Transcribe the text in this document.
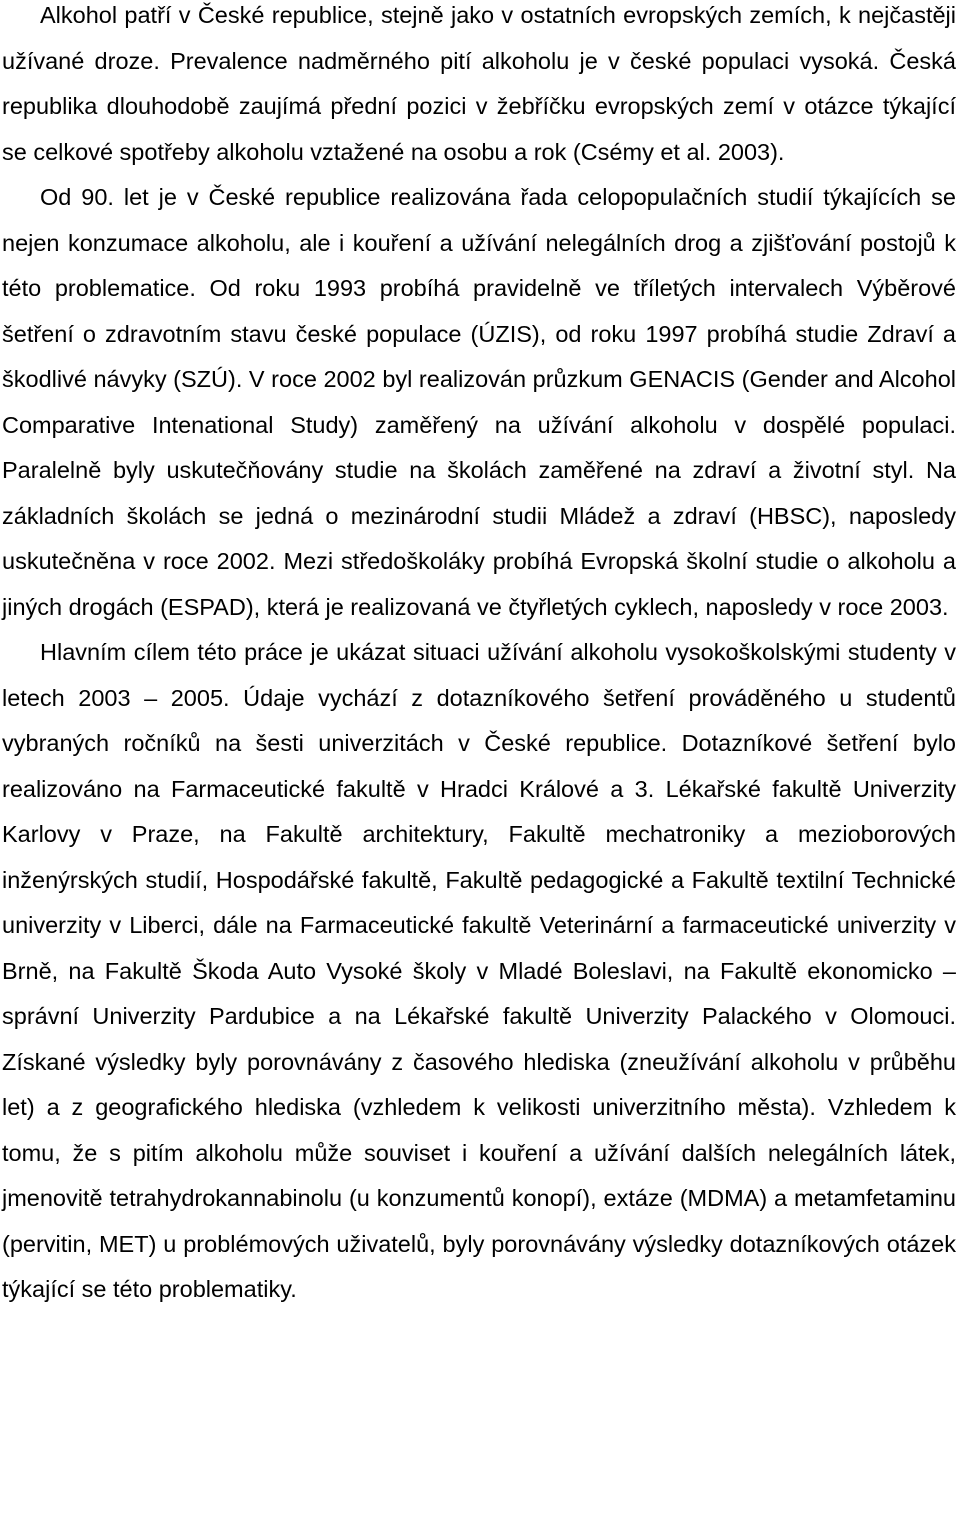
Alkohol patří v České republice, stejně jako v ostatních evropských zemích, k nejčastěji užívané droze. Prevalence nadměrného pití alkoholu je v české populaci vysoká. Česká republika dlouhodobě zaujímá přední pozici v žebříčku evropských zemí v otázce týkající se celkové spotřeby alkoholu vztažené na osobu a rok (Csémy et al. 2003).

Od 90. let je v České republice realizována řada celopopulačních studií týkajících se nejen konzumace alkoholu, ale i kouření a užívání nelegálních drog a zjišťování postojů k této problematice. Od roku 1993 probíhá pravidelně ve tříletých intervalech Výběrové šetření o zdravotním stavu české populace (ÚZIS), od roku 1997 probíhá studie Zdraví a škodlivé návyky (SZÚ). V roce 2002 byl realizován průzkum GENACIS (Gender and Alcohol Comparative Intenational Study) zaměřený na užívání alkoholu v dospělé populaci. Paralelně byly uskutečňovány studie na školách zaměřené na zdraví a životní styl. Na základních školách se jedná o mezinárodní studii Mládež a zdraví (HBSC), naposledy uskutečněna v roce 2002. Mezi středoškoláky probíhá Evropská školní studie o alkoholu a jiných drogách (ESPAD), která je realizovaná ve čtyřletých cyklech, naposledy v roce 2003.

Hlavním cílem této práce je ukázat situaci užívání alkoholu vysokoškolskými studenty v letech 2003 – 2005. Údaje vychází z dotazníkového šetření prováděného u studentů vybraných ročníků na šesti univerzitách v České republice. Dotazníkové šetření bylo realizováno na Farmaceutické fakultě v Hradci Králové a 3. Lékařské fakultě Univerzity Karlovy v Praze, na Fakultě architektury, Fakultě mechatroniky a mezioborových inženýrských studií, Hospodářské fakultě, Fakultě pedagogické a Fakultě textilní Technické univerzity v Liberci, dále na Farmaceutické fakultě Veterinární a farmaceutické univerzity v Brně, na Fakultě Škoda Auto Vysoké školy v Mladé Boleslavi, na Fakultě ekonomicko – správní Univerzity Pardubice a na Lékařské fakultě Univerzity Palackého v Olomouci. Získané výsledky byly porovnávány z časového hlediska (zneužívání alkoholu v průběhu let) a z geografického hlediska (vzhledem k velikosti univerzitního města). Vzhledem k tomu, že s pitím alkoholu může souviset i kouření a užívání dalších nelegálních látek, jmenovitě tetrahydrokannabinolu (u konzumentů konopí), extáze (MDMA) a metamfetaminu (pervitin, MET) u problémových uživatelů, byly porovnávány výsledky dotazníkových otázek týkající se této problematiky.
